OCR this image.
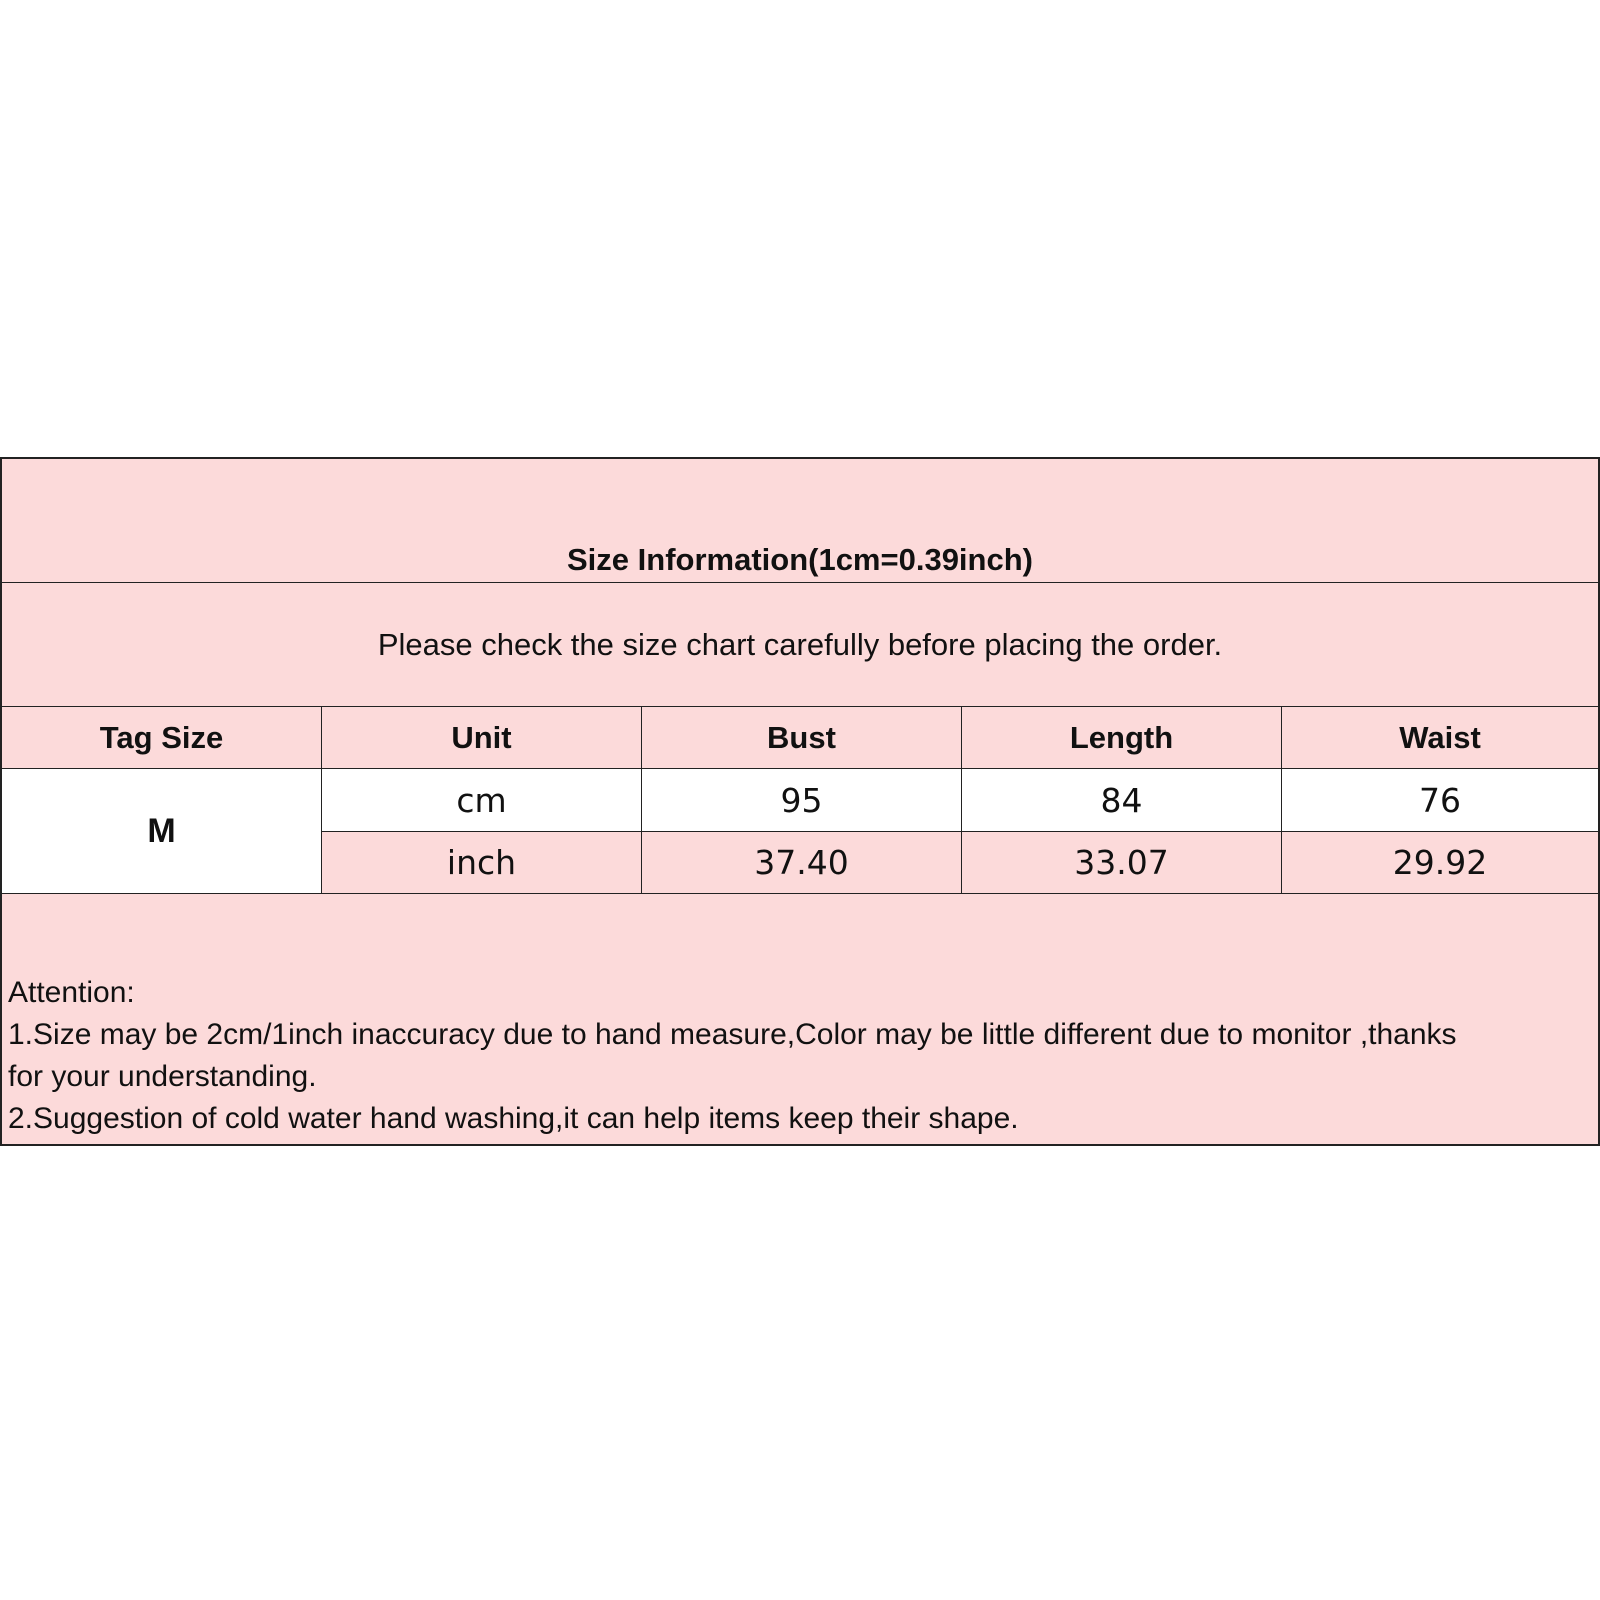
Size Information(1cm=0.39inch)
Please check the size chart carefully before placing the order.
Tag Size	Unit	Bust	Length	Waist
M
cm	95	84	76
inch	37.40	33.07	29.92
Attention:
1.Size may be 2cm/1inch inaccuracy due to hand measure,Color may be little different due to monitor ,thanks
for your understanding.
2.Suggestion of cold water hand washing,it can help items keep their shape.
